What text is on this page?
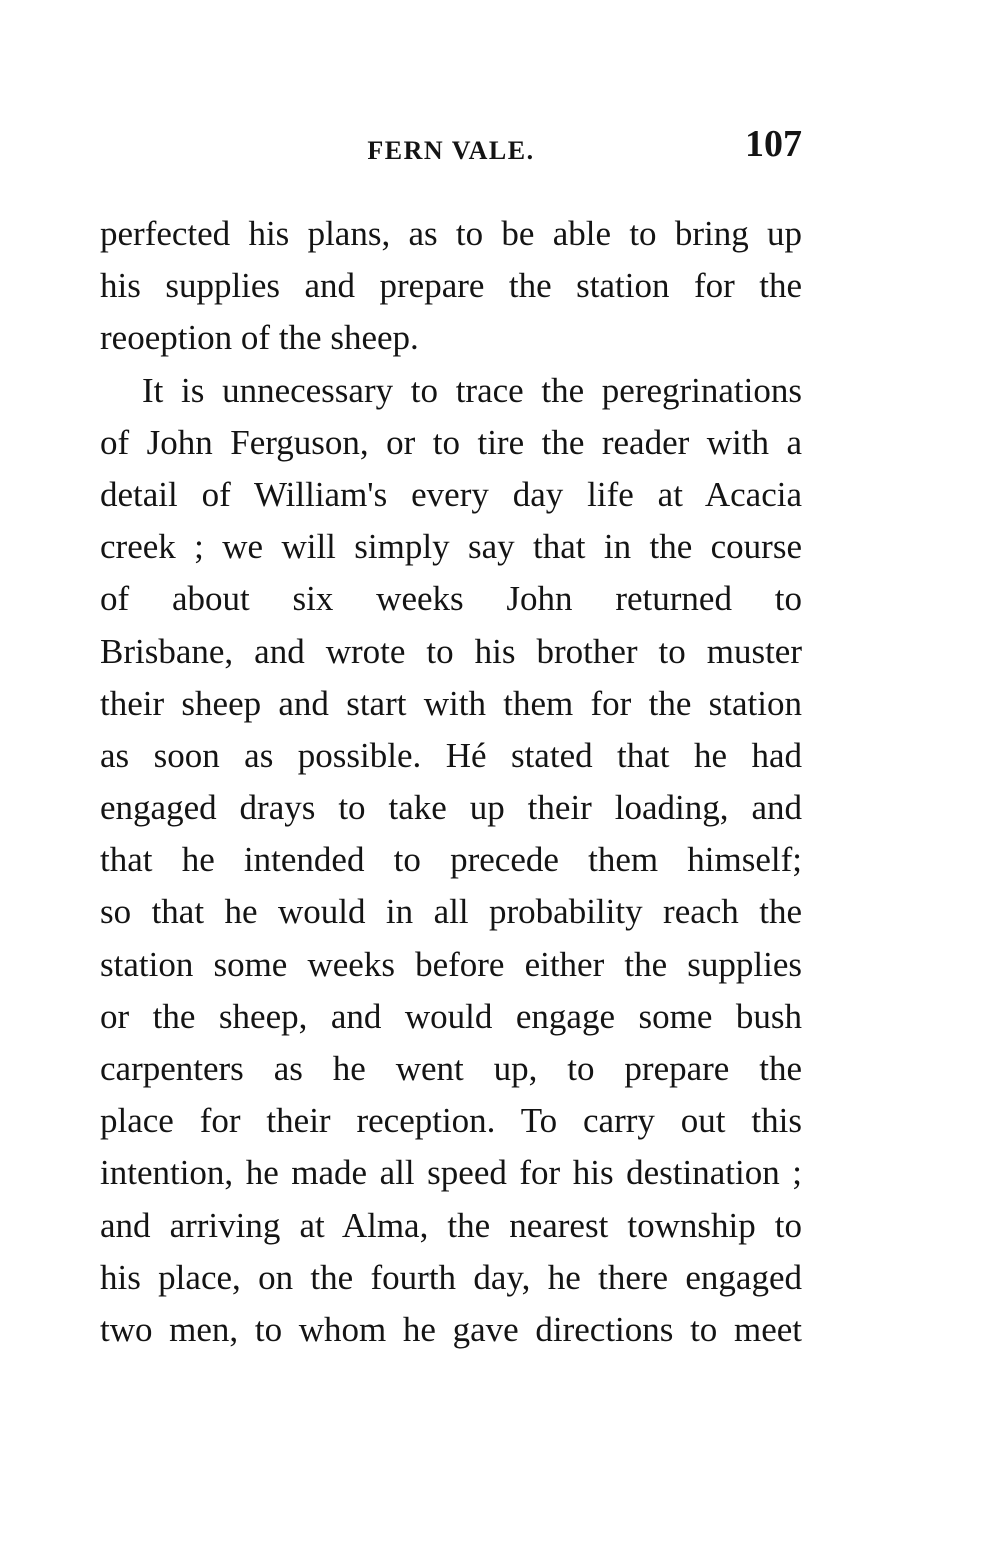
FERN VALE.	107

perfected his plans, as to be able to bring up
his supplies and prepare the station for the
reoeption of the sheep.

It is unnecessary to trace the peregrinations
of John Ferguson, or to tire the reader with a
detail of William's every day life at Acacia
creek ; we will simply say that in the course
of about six weeks John returned to
Brisbane, and wrote to his brother to muster
their sheep and start with them for the station
as soon as possible. Hé stated that he had
engaged drays to take up their loading, and
that he intended to precede them himself;
so that he would in all probability reach the
station some weeks before either the supplies
or the sheep, and would engage some bush
carpenters as he went up, to prepare the
place for their reception. To carry out this
intention, he made all speed for his destination ;
and arriving at Alma, the nearest township to
his place, on the fourth day, he there engaged
two men, to whom he gave directions to meet
